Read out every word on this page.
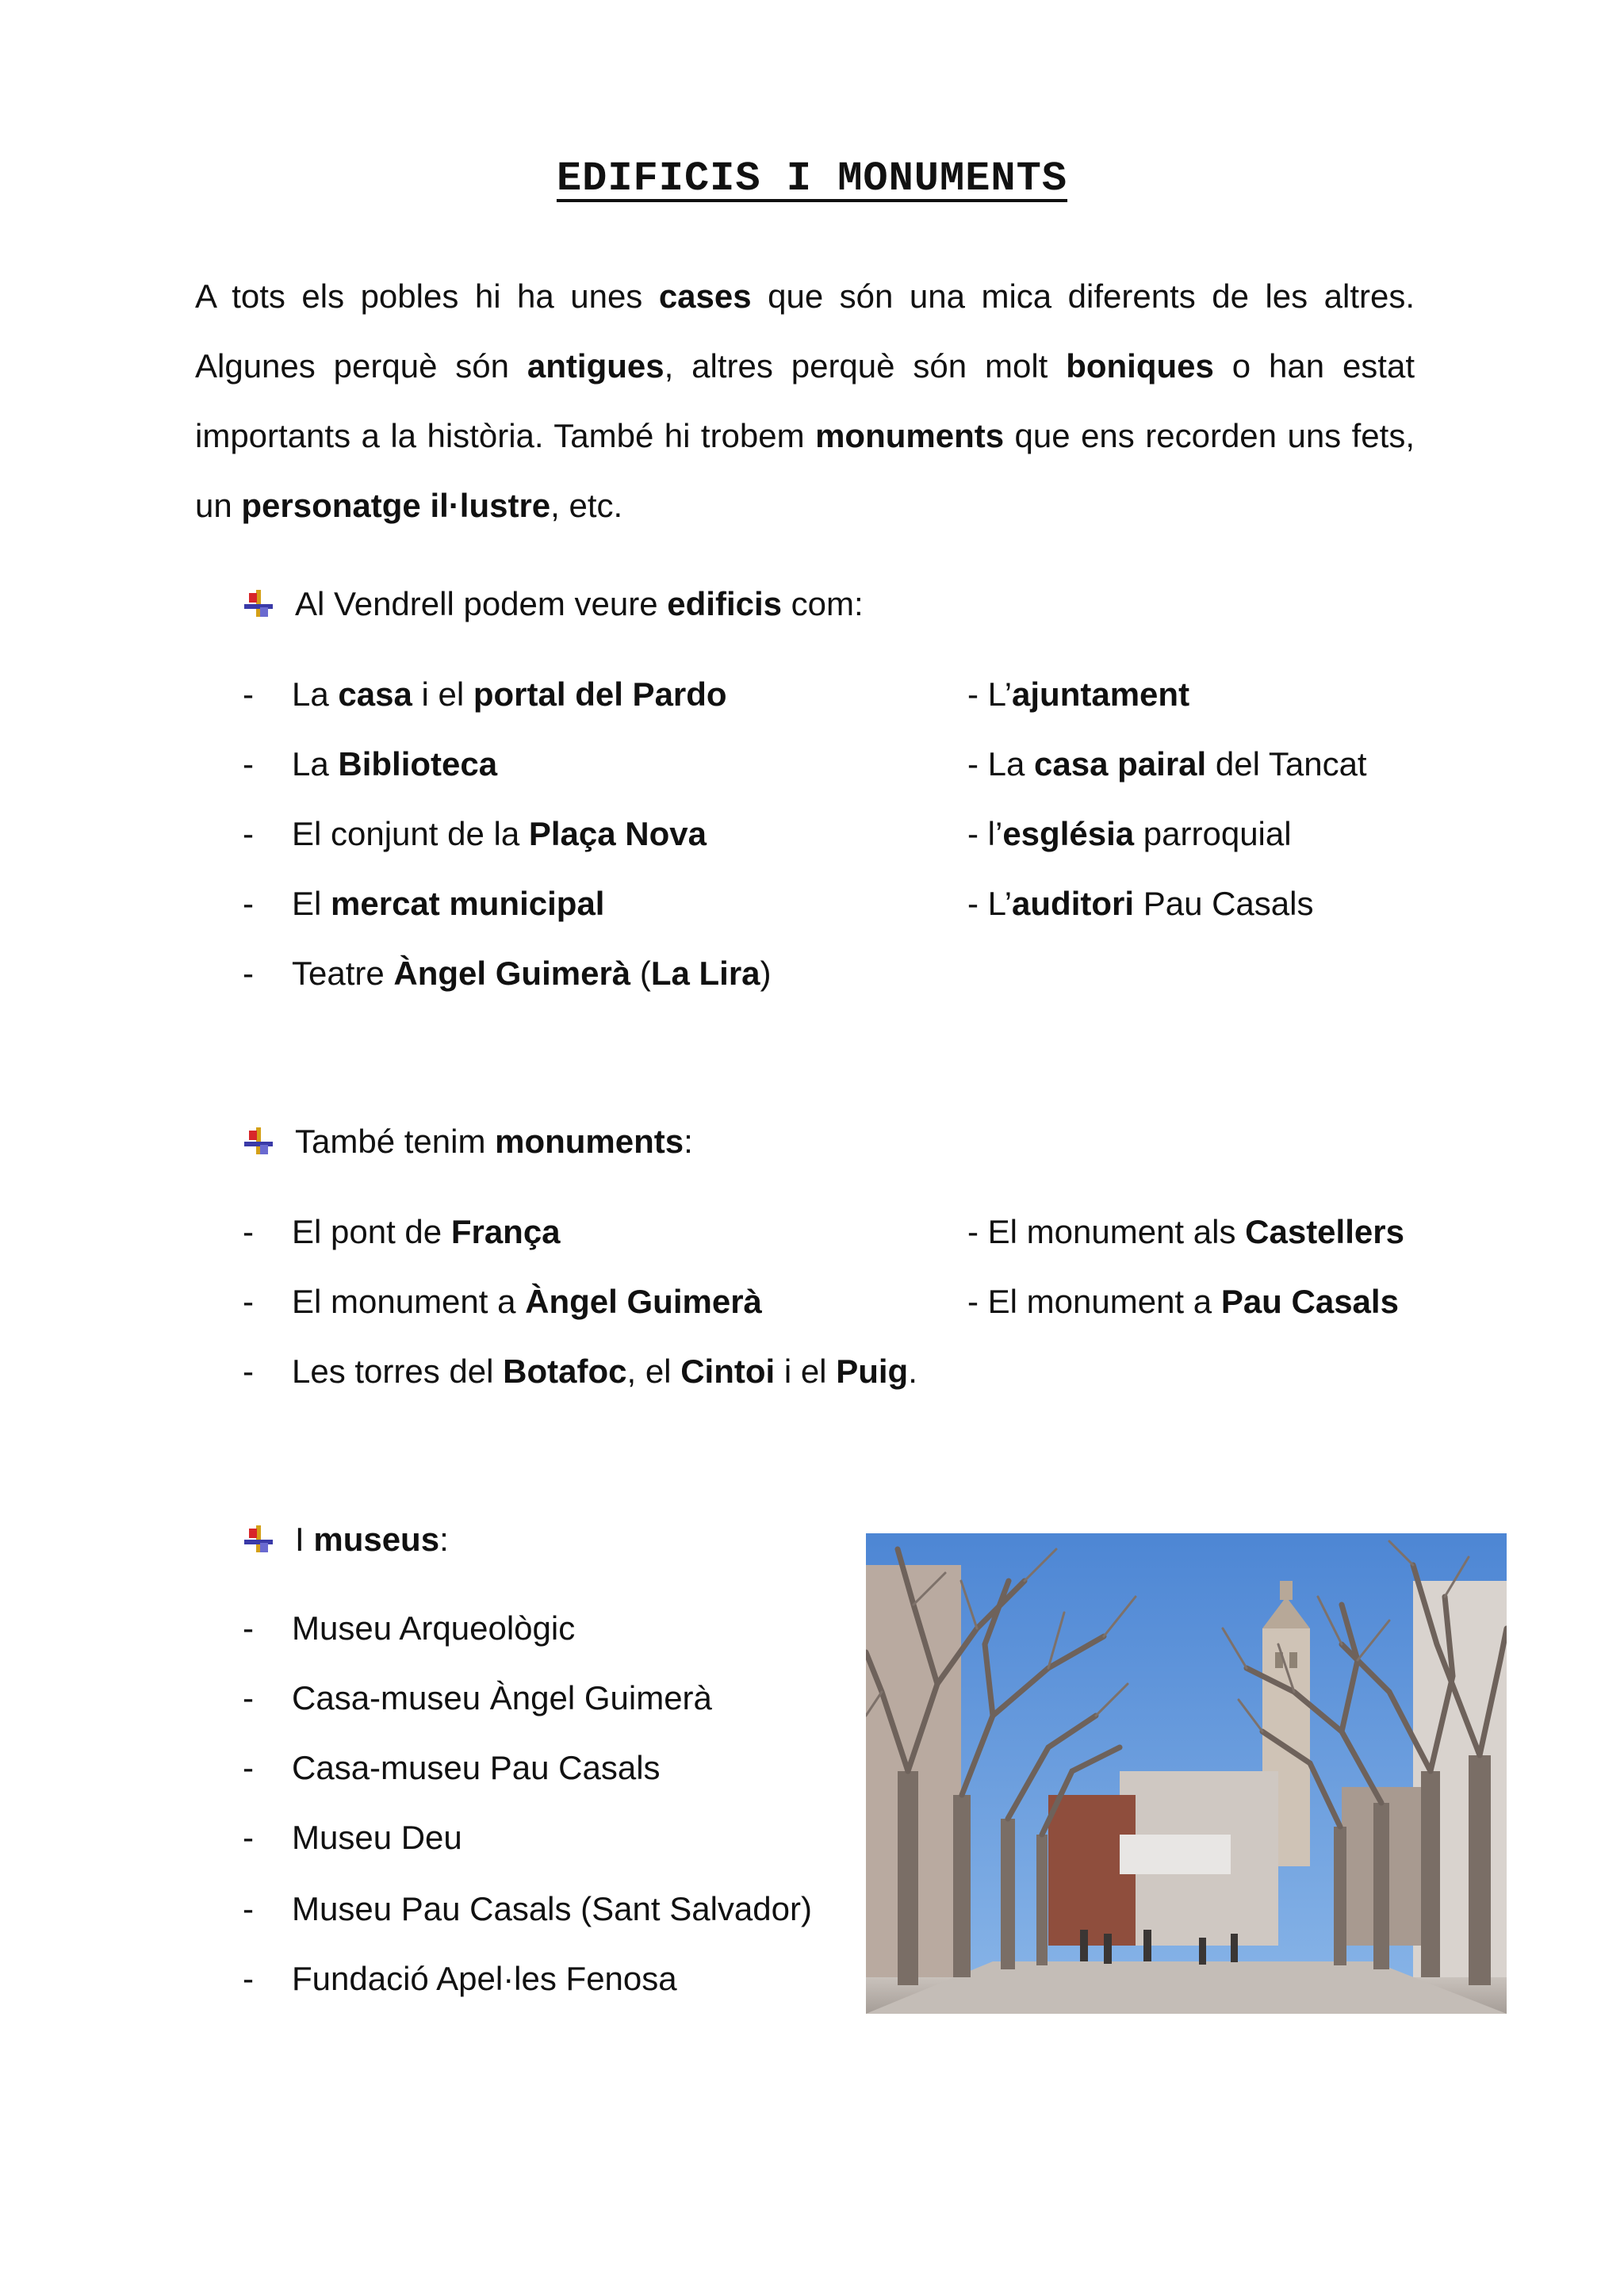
EDIFICIS I MONUMENTS
A tots els pobles hi ha unes cases que són una mica diferents de les altres. Algunes perquè són antigues, altres perquè són molt boniques o han estat importants a la història. També hi trobem monuments que ens recorden uns fets, un personatge il·lustre, etc.
Al Vendrell podem veure edificis com:
- La casa i el portal del Pardo
- La Biblioteca
- El conjunt de la Plaça Nova
- El mercat municipal
- Teatre Àngel Guimerà (La Lira)
- L’ajuntament
- La casa pairal del Tancat
- l’església parroquial
- L’auditori Pau Casals
També tenim monuments:
- El pont de França
- El monument a Àngel Guimerà
- Les torres del Botafoc, el Cintoi i el Puig.
- El monument als Castellers
- El monument a Pau Casals
I museus:
- Museu Arqueològic
- Casa-museu Àngel Guimerà
- Casa-museu Pau Casals
- Museu Deu
- Museu Pau Casals (Sant Salvador)
- Fundació Apel·les Fenosa
